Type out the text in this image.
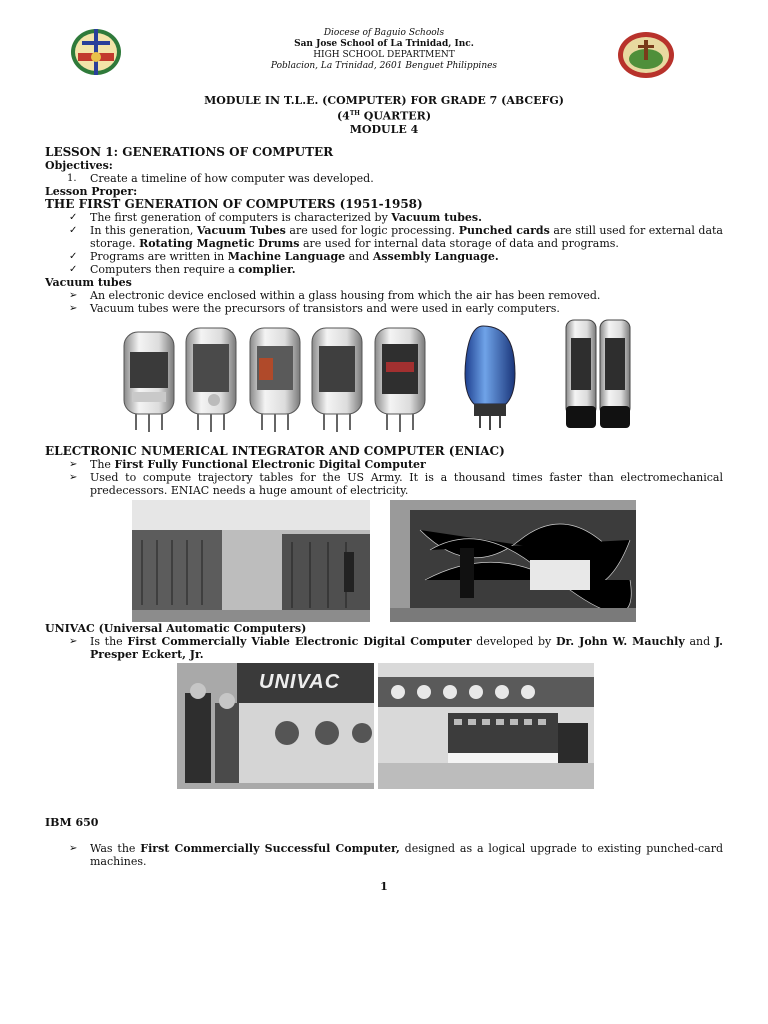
Diocese of Baguio Schools
San Jose School of La Trinidad, Inc.
HIGH SCHOOL DEPARTMENT
Poblacion, La Trinidad, 2601 Benguet Philippines
MODULE IN T.L.E. (COMPUTER) FOR GRADE 7 (ABCEFG)
(4TH QUARTER)
MODULE 4
LESSON 1: GENERATIONS OF COMPUTER
Objectives:
1. Create a timeline of how computer was developed.
Lesson Proper:
THE FIRST GENERATION OF COMPUTERS (1951-1958)
✓ The first generation of computers is characterized by Vacuum tubes.
✓ In this generation, Vacuum Tubes are used for logic processing. Punched cards are still used for external data storage. Rotating Magnetic Drums are used for internal data storage of data and programs.
✓ Programs are written in Machine Language and Assembly Language.
✓ Computers then require a complier.
Vacuum tubes
➢ An electronic device enclosed within a glass housing from which the air has been removed.
➢ Vacuum tubes were the precursors of transistors and were used in early computers.
ELECTRONIC NUMERICAL INTEGRATOR AND COMPUTER (ENIAC)
➢ The First Fully Functional Electronic Digital Computer
➢ Used to compute trajectory tables for the US Army. It is a thousand times faster than electromechanical predecessors. ENIAC needs a huge amount of electricity.
UNIVAC (Universal Automatic Computers)
➢ Is the First Commercially Viable Electronic Digital Computer developed by Dr. John W. Mauchly and J. Presper Eckert, Jr.
UNIVAC
IBM 650
➢ Was the First Commercially Successful Computer, designed as a logical upgrade to existing punched-card machines.
1
